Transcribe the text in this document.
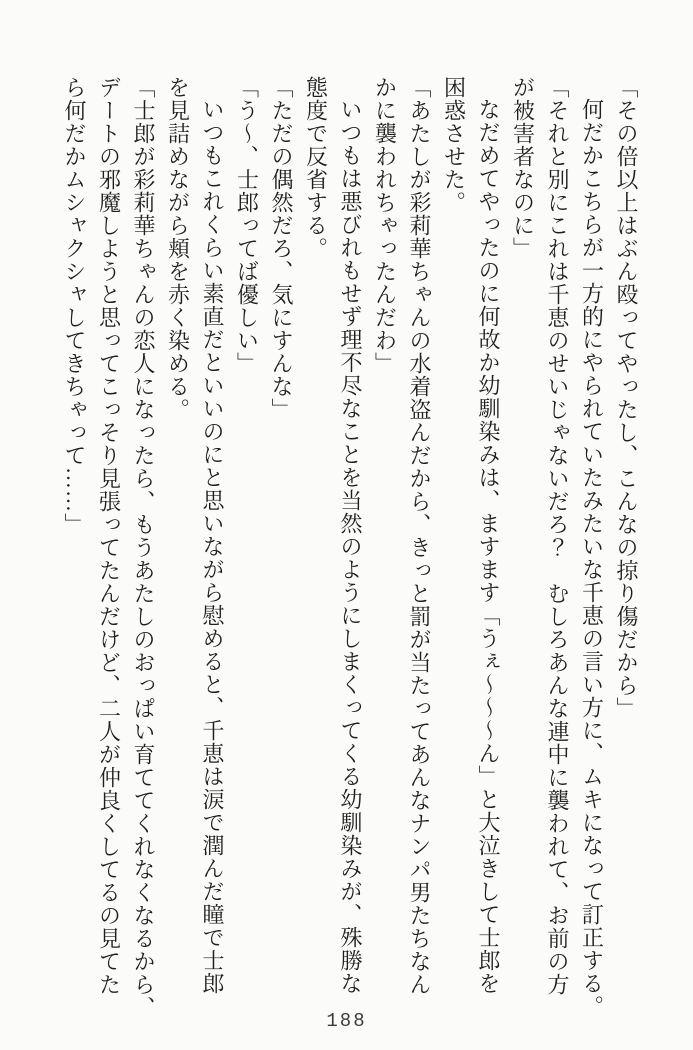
「その倍以上はぶん殴ってやったし、こんなの掠り傷だから」
何だかこちらが一方的にやられていたみたいな千恵の言い方に、ムキになって訂正する。
「それと別にこれは千恵のせいじゃないだろ？　むしろあんな連中に襲われて、お前の方
が被害者なのに」
なだめてやったのに何故か幼馴染みは、ますます「うぇ～～～ん」と大泣きして士郎を
困惑させた。
「あたしが彩莉華ちゃんの水着盗んだから、きっと罰が当たってあんなナンパ男たちなん
かに襲われちゃったんだわ」
いつもは悪びれもせず理不尽なことを当然のようにしまくってくる幼馴染みが、殊勝な
態度で反省する。
「ただの偶然だろ、気にすんな」
「う～、士郎ってば優しい」
いつもこれくらい素直だといいのにと思いながら慰めると、千恵は涙で潤んだ瞳で士郎
を見詰めながら頬を赤く染める。
「士郎が彩莉華ちゃんの恋人になったら、もうあたしのおっぱい育ててくれなくなるから、
デートの邪魔しようと思ってこっそり見張ってたんだけど、二人が仲良くしてるの見てた
ら何だかムシャクシャしてきちゃって……」
188
